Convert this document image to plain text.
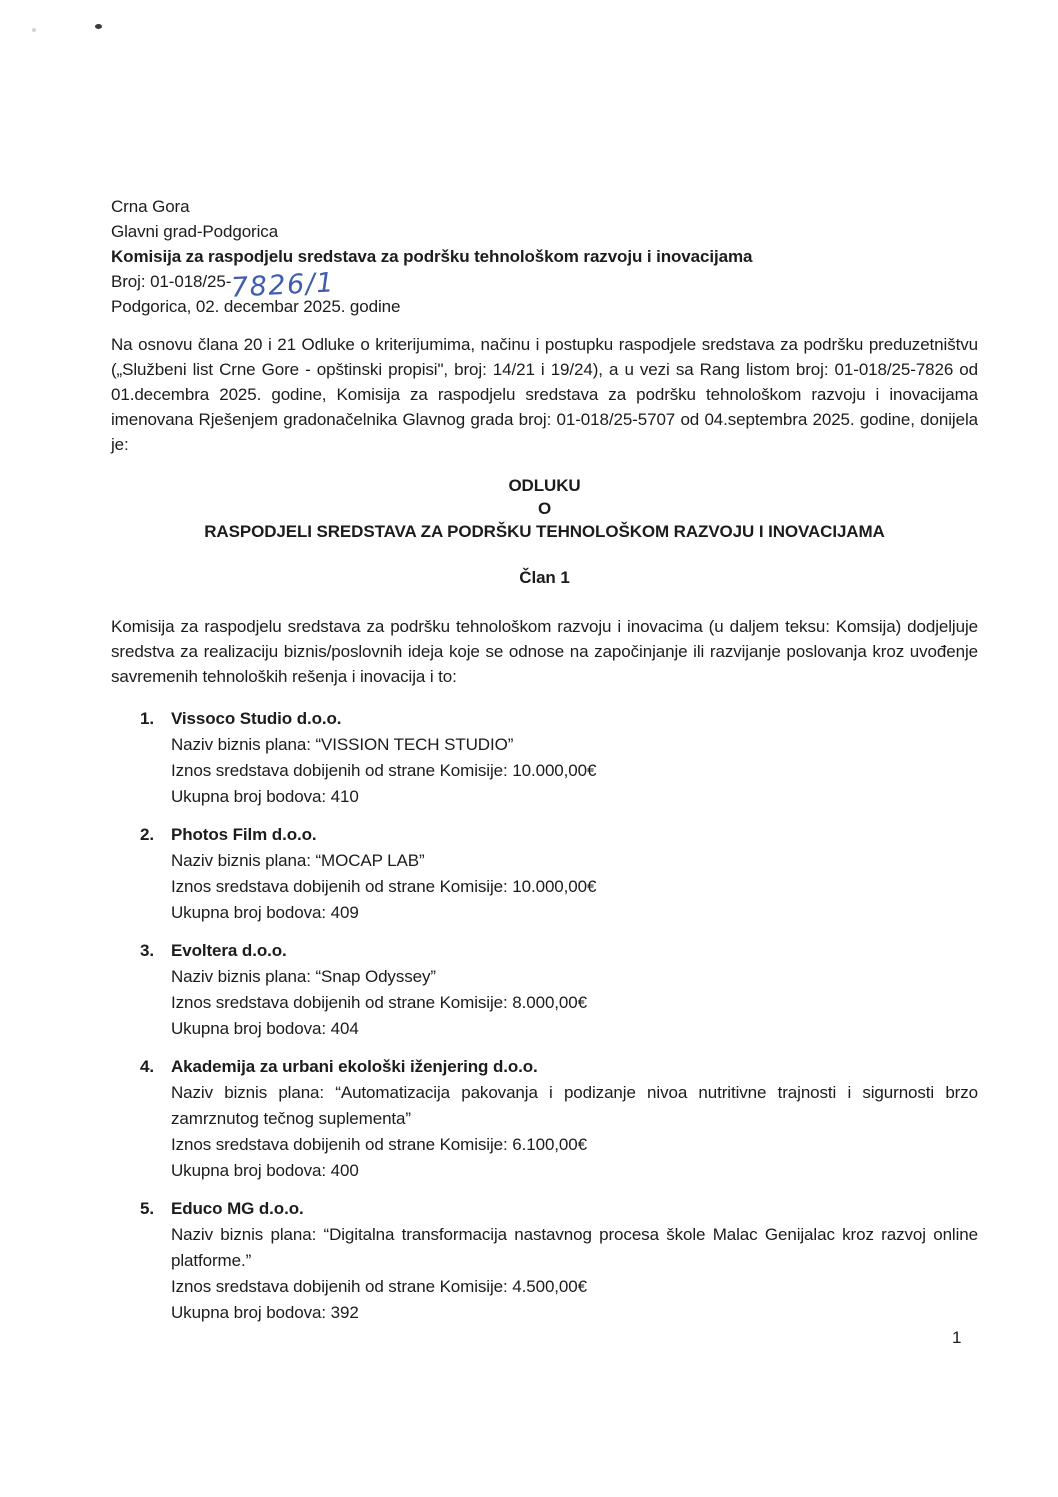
Crna Gora
Glavni grad-Podgorica
Komisija za raspodjelu sredstava za podršku tehnološkom razvoju i inovacijama
Broj: 01-018/25-7826/1
Podgorica, 02. decembar 2025. godine

Na osnovu člana 20 i 21 Odluke o kriterijumima, načinu i postupku raspodjele sredstava za podršku preduzetništvu („Službeni list Crne Gore - opštinski propisi", broj: 14/21 i 19/24), a u vezi sa Rang listom broj: 01-018/25-7826 od 01.decembra 2025. godine, Komisija za raspodjelu sredstava za podršku tehnološkom razvoju i inovacijama imenovana Rješenjem gradonačelnika Glavnog grada broj: 01-018/25-5707 od 04.septembra 2025. godine, donijela je:

ODLUKU
O
RASPODJELI SREDSTAVA ZA PODRŠKU TEHNOLOŠKOM RAZVOJU I INOVACIJAMA
Član 1

Komisija za raspodjelu sredstava za podršku tehnološkom razvoju i inovacima (u daljem teksu: Komsija) dodjeljuje sredstva za realizaciju biznis/poslovnih ideja koje se odnose na započinjanje ili razvijanje poslovanja kroz uvođenje savremenih tehnoloških rešenja i inovacija i to:

1.	Vissoco Studio d.o.o.
Naziv biznis plana: “VISSION TECH STUDIO”
Iznos sredstava dobijenih od strane Komisije: 10.000,00€
Ukupna broj bodova: 410
2.	Photos Film d.o.o.
Naziv biznis plana: “MOCAP LAB”
Iznos sredstava dobijenih od strane Komisije: 10.000,00€
Ukupna broj bodova: 409
3.	Evoltera d.o.o.
Naziv biznis plana: “Snap Odyssey”
Iznos sredstava dobijenih od strane Komisije: 8.000,00€
Ukupna broj bodova: 404
4.	Akademija za urbani ekološki iženjering d.o.o.
Naziv biznis plana: “Automatizacija pakovanja i podizanje nivoa nutritivne trajnosti i sigurnosti brzo zamrznutog tečnog suplementa”
Iznos sredstava dobijenih od strane Komisije: 6.100,00€
Ukupna broj bodova: 400
5.	Educo MG d.o.o.
Naziv biznis plana: “Digitalna transformacija nastavnog procesa škole Malac Genijalac kroz razvoj online platforme.”
Iznos sredstava dobijenih od strane Komisije: 4.500,00€
Ukupna broj bodova: 392
1
